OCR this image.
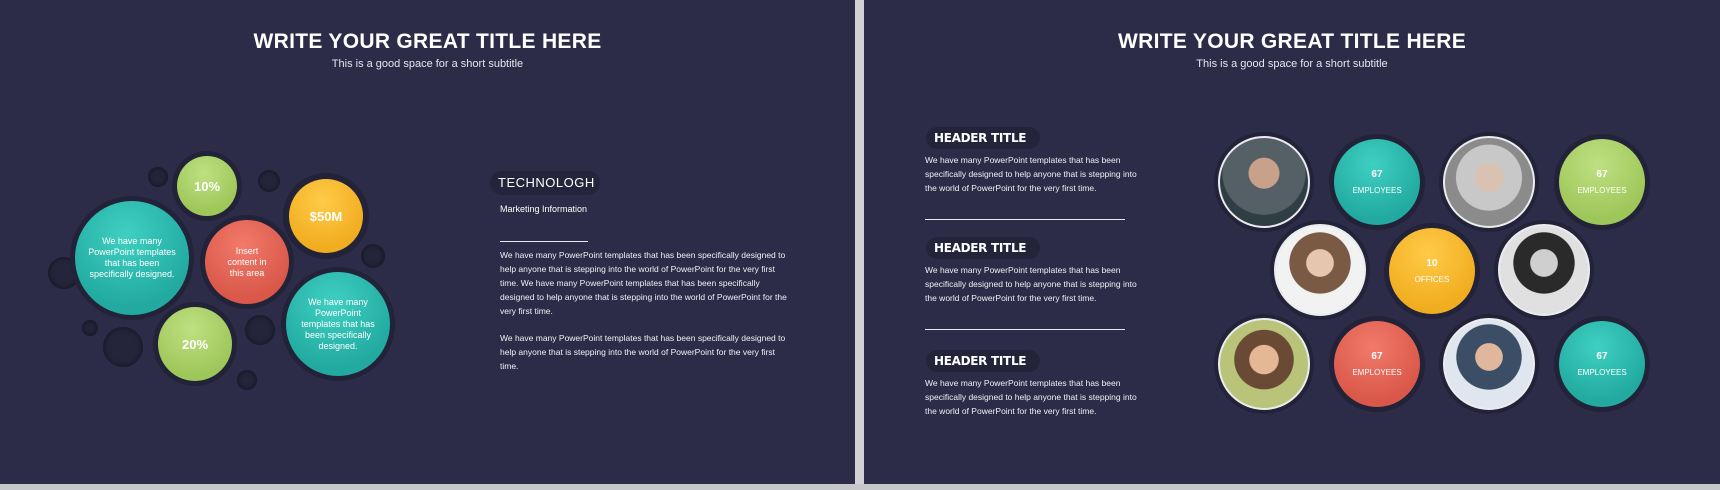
WRITE YOUR GREAT TITLE HERE
This is a good space for a short subtitle
10%
$50M
We have many PowerPoint templates that has been specifically designed.
Insert content in this area
We have many PowerPoint templates that has been specifically designed.
20%
TECHNOLOGH
Marketing Information
We have many PowerPoint templates that has been specifically designed to help anyone that is stepping into the world of PowerPoint for the very first time. We have many PowerPoint templates that has been specifically designed to help anyone that is stepping into the world of PowerPoint for the very first time.
We have many PowerPoint templates that has been specifically designed to help anyone that is stepping into the world of PowerPoint for the very first time.
WRITE YOUR GREAT TITLE HERE
This is a good space for a short subtitle
HEADER TITLE
We have many PowerPoint templates that has been specifically designed to help anyone that is stepping into the world of PowerPoint for the very first time.
HEADER TITLE
We have many PowerPoint templates that has been specifically designed to help anyone that is stepping into the world of PowerPoint for the very first time.
HEADER TITLE
We have many PowerPoint templates that has been specifically designed to help anyone that is stepping into the world of PowerPoint for the very first time.
67
EMPLOYEES
67
EMPLOYEES
10
OFFICES
67
EMPLOYEES
67
EMPLOYEES
